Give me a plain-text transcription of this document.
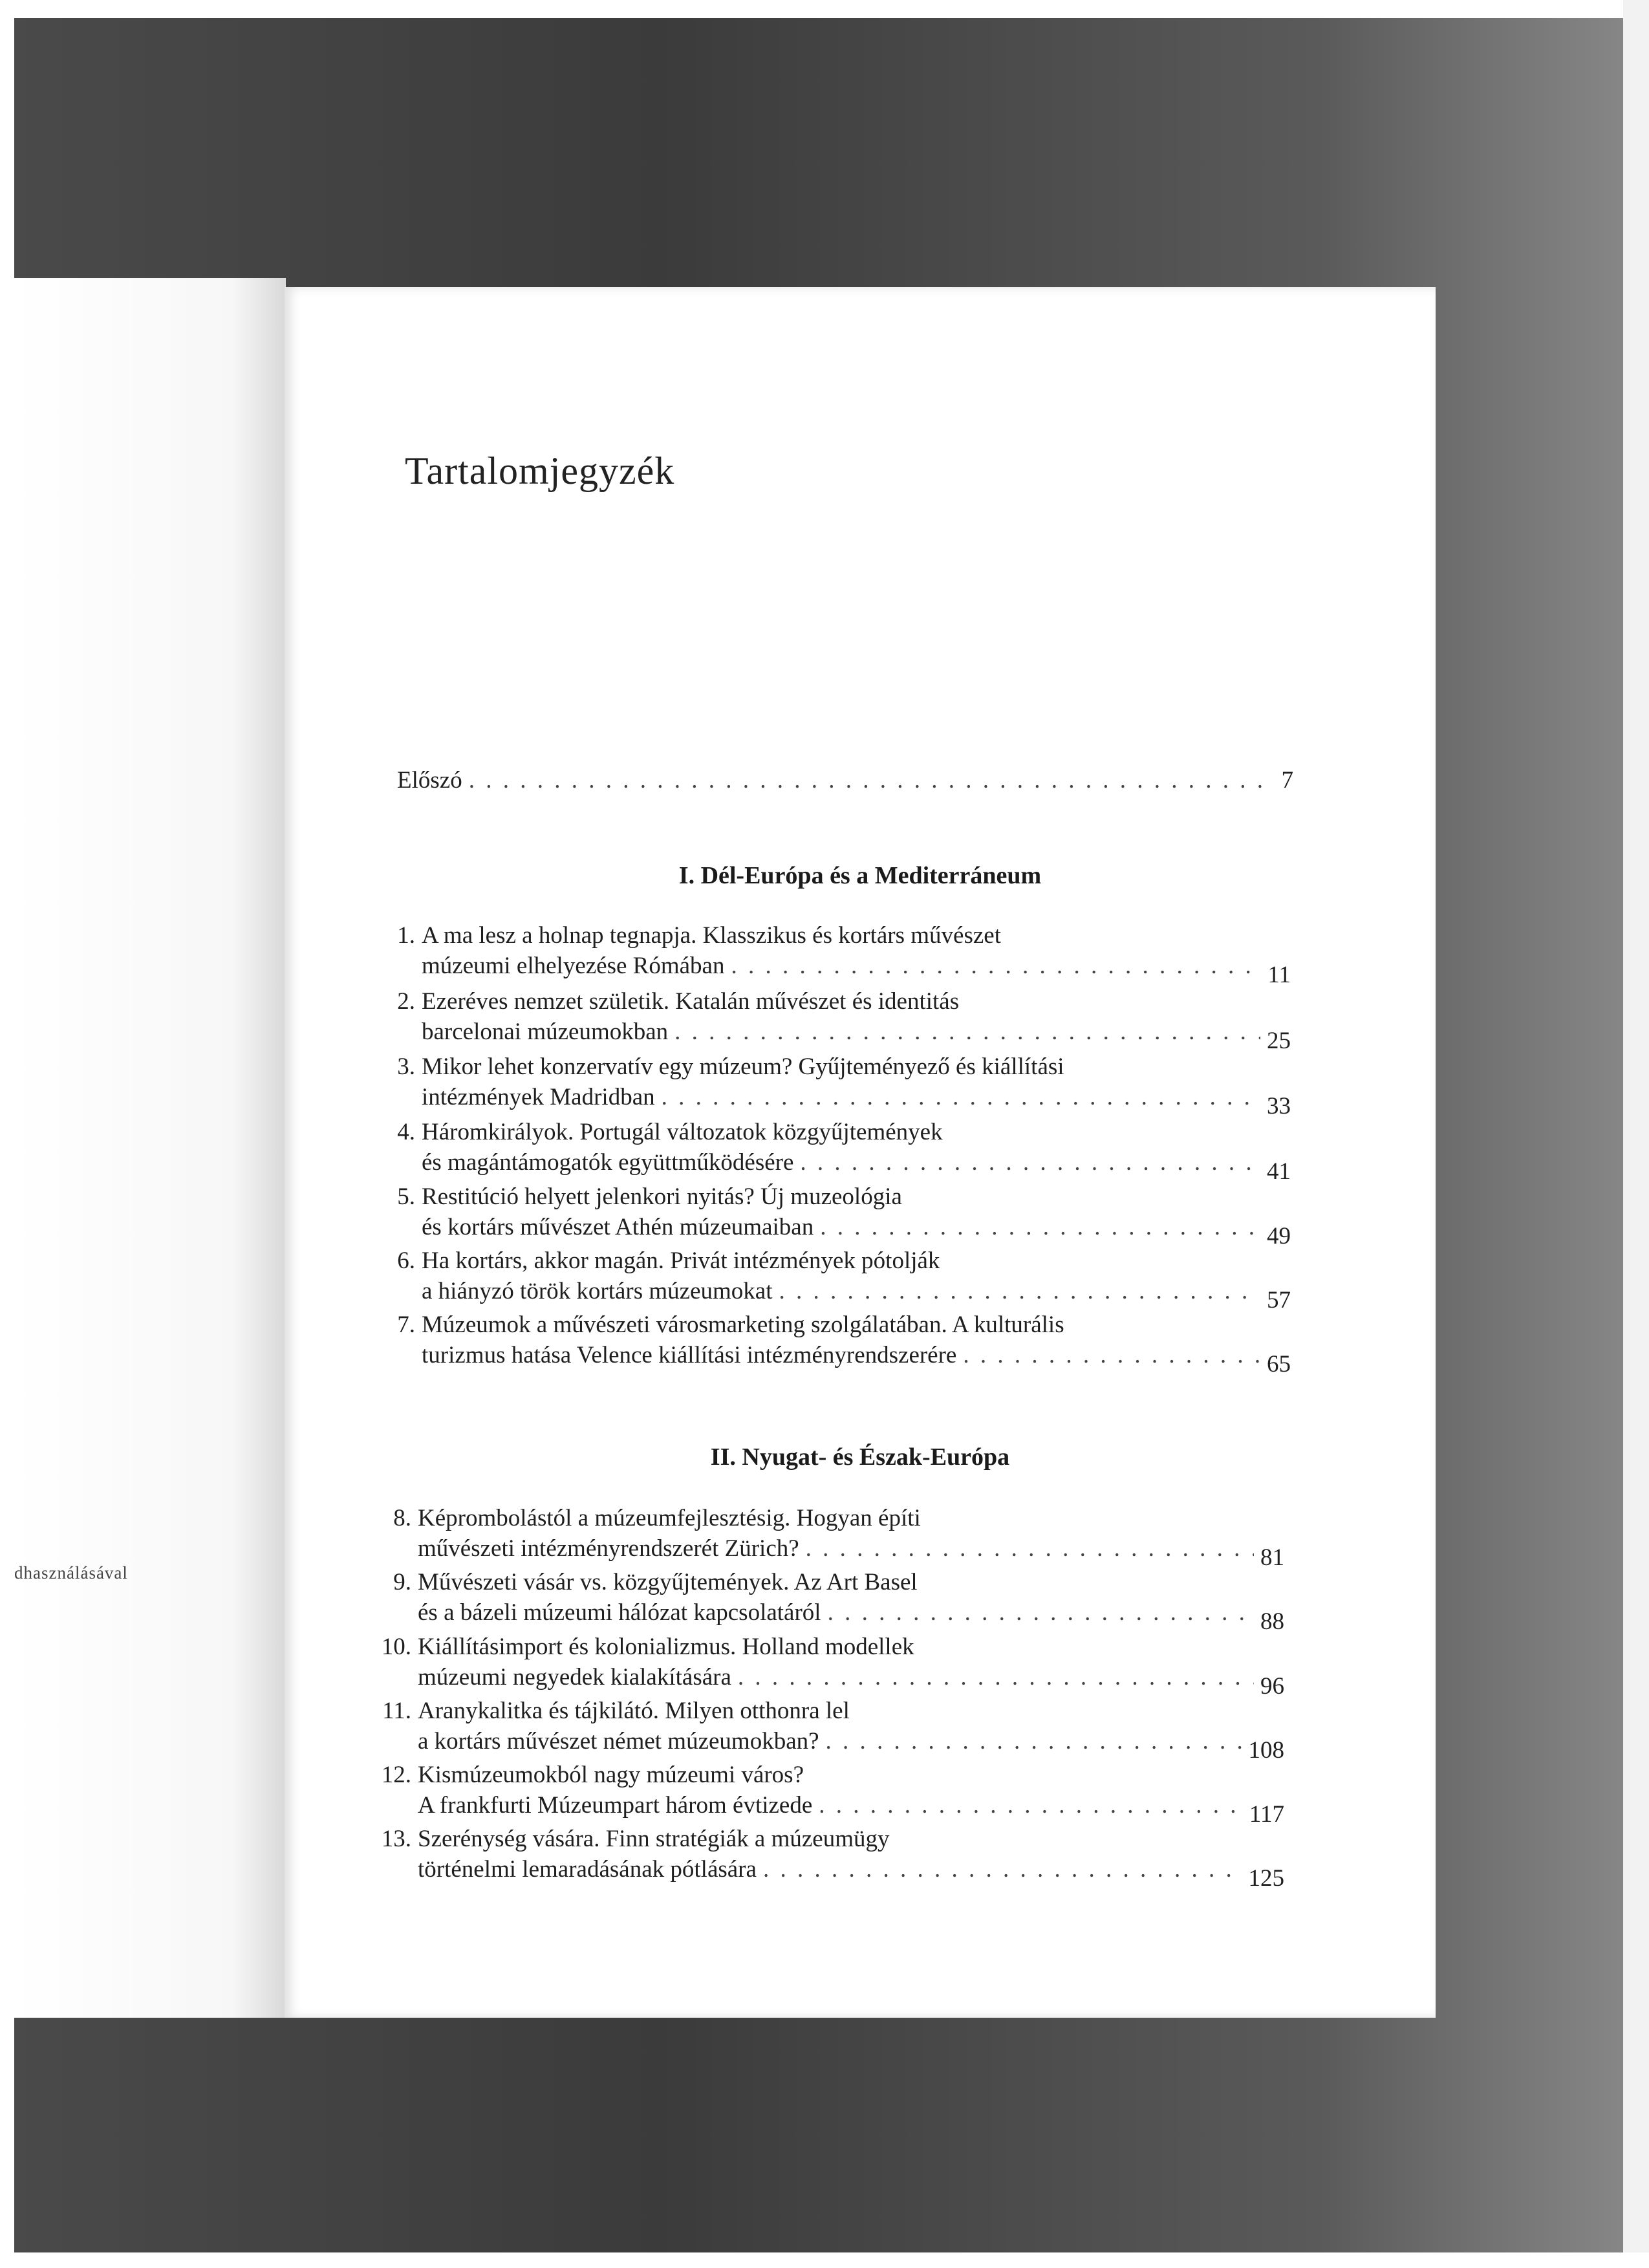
dhasználásával
Tartalomjegyzék
Előszó . . .	7
I. Dél-Európa és a Mediterráneum
1. A ma lesz a holnap tegnapja. Klasszikus és kortárs művészet
múzeumi elhelyezése Rómában . . .	11
2. Ezeréves nemzet születik. Katalán művészet és identitás
barcelonai múzeumokban . . .	25
3. Mikor lehet konzervatív egy múzeum? Gyűjteményező és kiállítási
intézmények Madridban . . .	33
4. Háromkirályok. Portugál változatok közgyűjtemények
és magántámogatók együttműködésére . . .	41
5. Restitúció helyett jelenkori nyitás? Új muzeológia
és kortárs művészet Athén múzeumaiban . . .	49
6. Ha kortárs, akkor magán. Privát intézmények pótolják
a hiányzó török kortárs múzeumokat . . .	57
7. Múzeumok a művészeti városmarketing szolgálatában. A kulturális
turizmus hatása Velence kiállítási intézményrendszerére . . .	65
II. Nyugat- és Észak-Európa
8. Képrombolástól a múzeumfejlesztésig. Hogyan építi
művészeti intézményrendszerét Zürich? . . .	81
9. Művészeti vásár vs. közgyűjtemények. Az Art Basel
és a bázeli múzeumi hálózat kapcsolatáról . . .	88
10. Kiállításimport és kolonializmus. Holland modellek
múzeumi negyedek kialakítására . . .	96
11. Aranykalitka és tájkilátó. Milyen otthonra lel
a kortárs művészet német múzeumokban? . . .	108
12. Kismúzeumokból nagy múzeumi város?
A frankfurti Múzeumpart három évtizede . . .	117
13. Szerénység vására. Finn stratégiák a múzeumügy
történelmi lemaradásának pótlására . . .	125
